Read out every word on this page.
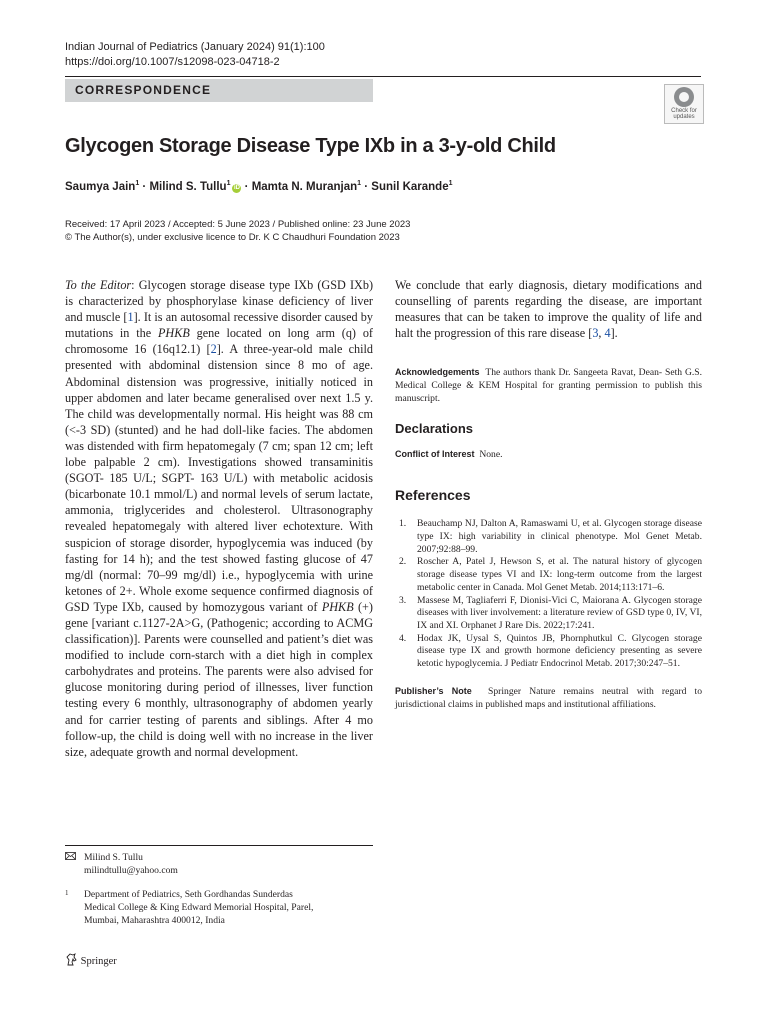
Indian Journal of Pediatrics (January 2024) 91(1):100
https://doi.org/10.1007/s12098-023-04718-2
CORRESPONDENCE
Check for
updates
Glycogen Storage Disease Type IXb in a 3-y-old Child
Saumya Jain$^1$ · Milind S. Tullu$^1$iD · Mamta N. Muranjan$^1$ · Sunil Karande$^1$
Received: 17 April 2023 / Accepted: 5 June 2023 / Published online: 23 June 2023
© The Author(s), under exclusive licence to Dr. K C Chaudhuri Foundation 2023
To the Editor: Glycogen storage disease type IXb (GSD IXb) is characterized by phosphorylase kinase deficiency of liver and muscle [1]. It is an autosomal recessive disorder caused by mutations in the PHKB gene located on long arm (q) of chromosome 16 (16q12.1) [2]. A three-year-old male child presented with abdominal distension since 8 mo of age. Abdominal distension was progressive, initially noticed in upper abdomen and later became generalised over next 1.5 y. The child was developmentally normal. His height was 88 cm (<-3 SD) (stunted) and he had doll-like facies. The abdomen was distended with firm hepatomegaly (7 cm; span 12 cm; left lobe palpable 2 cm). Investigations showed transaminitis (SGOT- 185 U/L; SGPT- 163 U/L) with metabolic acidosis (bicarbonate 10.1 mmol/L) and normal levels of serum lactate, ammonia, triglycerides and cholesterol. Ultrasonography revealed hepatomegaly with altered liver echotexture. With suspicion of storage disorder, hypoglycemia was induced (by fasting for 14 h); and the test showed fasting glucose of 47 mg/dl (normal: 70–99 mg/dl) i.e., hypoglycemia with urine ketones of 2+. Whole exome sequence confirmed diagnosis of GSD Type IXb, caused by homozygous variant of PHKB (+) gene [variant c.1127-2A>G, (Pathogenic; according to ACMG classification)]. Parents were counselled and patient’s diet was modified to include corn-starch with a diet high in complex carbohydrates and proteins. The parents were also advised for glucose monitoring during period of illnesses, liver function testing every 6 monthly, ultrasonography of abdomen yearly and for carrier testing of parents and siblings. After 4 mo follow-up, the child is doing well with no increase in the liver size, adequate growth and normal development.
We conclude that early diagnosis, dietary modifications and counselling of parents regarding the disease, are important measures that can be taken to improve the quality of life and halt the progression of this rare disease [3, 4].
Acknowledgements The authors thank Dr. Sangeeta Ravat, Dean- Seth G.S. Medical College & KEM Hospital for granting permission to publish this manuscript.
Declarations
Conflict of Interest None.
References
1.	Beauchamp NJ, Dalton A, Ramaswami U, et al. Glycogen storage disease type IX: high variability in clinical phenotype. Mol Genet Metab. 2007;92:88–99.
2.	Roscher A, Patel J, Hewson S, et al. The natural history of glycogen storage disease types VI and IX: long-term outcome from the largest metabolic center in Canada. Mol Genet Metab. 2014;113:171–6.
3.	Massese M, Tagliaferri F, Dionisi-Vici C, Maiorana A. Glycogen storage diseases with liver involvement: a literature review of GSD type 0, IV, VI, IX and XI. Orphanet J Rare Dis. 2022;17:241.
4.	Hodax JK, Uysal S, Quintos JB, Phornphutkul C. Glycogen storage disease type IX and growth hormone deficiency presenting as severe ketotic hypoglycemia. J Pediatr Endocrinol Metab. 2017;30:247–51.
Publisher’s Note Springer Nature remains neutral with regard to jurisdictional claims in published maps and institutional affiliations.
Milind S. Tullu
milindtullu@yahoo.com
1 Department of Pediatrics, Seth Gordhandas Sunderdas
Medical College & King Edward Memorial Hospital, Parel,
Mumbai, Maharashtra 400012, India
Springer
